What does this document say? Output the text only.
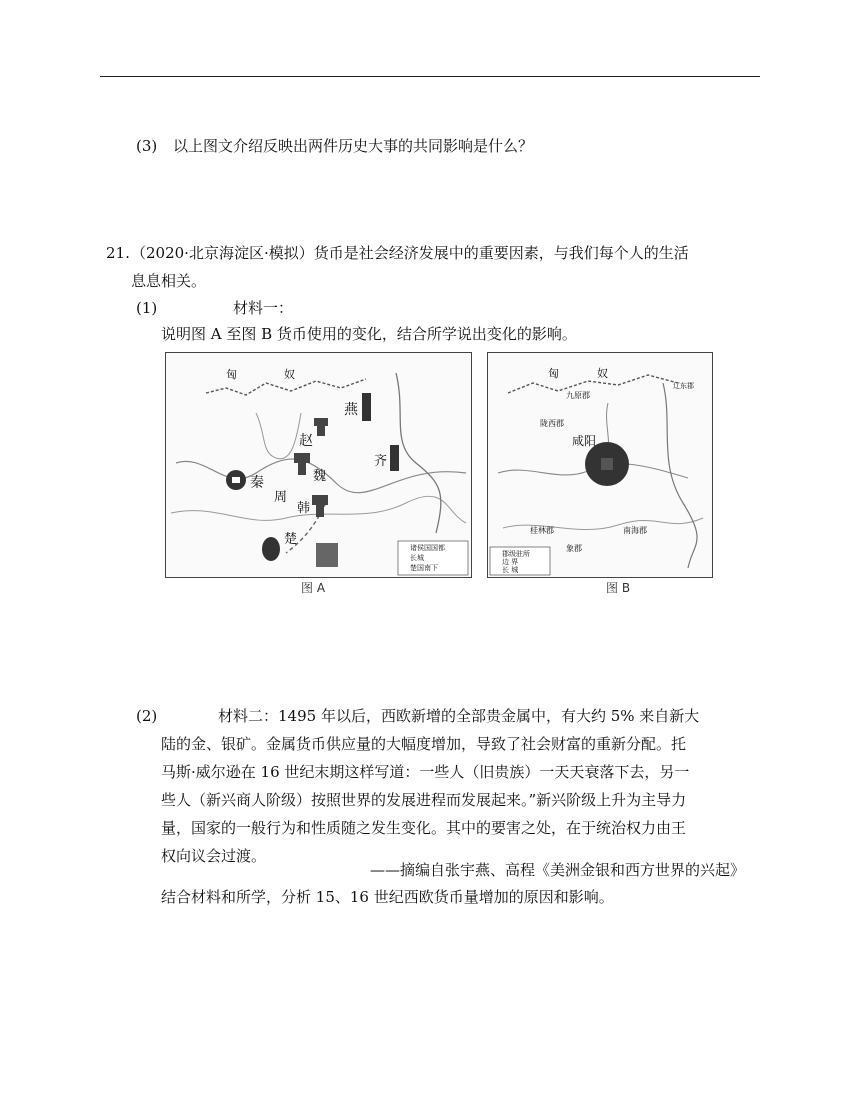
(3) 以上图文介绍反映出两件历史大事的共同影响是什么？
21. （2020·北京海淀区·模拟）货币是社会经济发展中的重要因素，与我们每个人的生活
息息相关。
(1)	材料一：
说明图 A 至图 B 货币使用的变化，结合所学说出变化的影响。
匈	奴
燕
赵
齐
魏
秦
周
韩
楚
诸侯国国都
长城
楚国南下
图 A
匈	奴
九原郡
陇西郡
咸阳
辽东郡
桂林郡
象郡
南海郡
郡级驻所
边 界
长 城
图 B
(2)	材料二：1495 年以后，西欧新增的全部贵金属中，有大约 5% 来自新大
陆的金、银矿。金属货币供应量的大幅度增加，导致了社会财富的重新分配。托
马斯·威尔逊在 16 世纪末期这样写道：一些人（旧贵族）一天天衰落下去，另一
些人（新兴商人阶级）按照世界的发展进程而发展起来。”新兴阶级上升为主导力
量，国家的一般行为和性质随之发生变化。其中的要害之处，在于统治权力由王
权向议会过渡。
——摘编自张宇燕、高程《美洲金银和西方世界的兴起》
结合材料和所学，分析 15、16 世纪西欧货币量增加的原因和影响。
